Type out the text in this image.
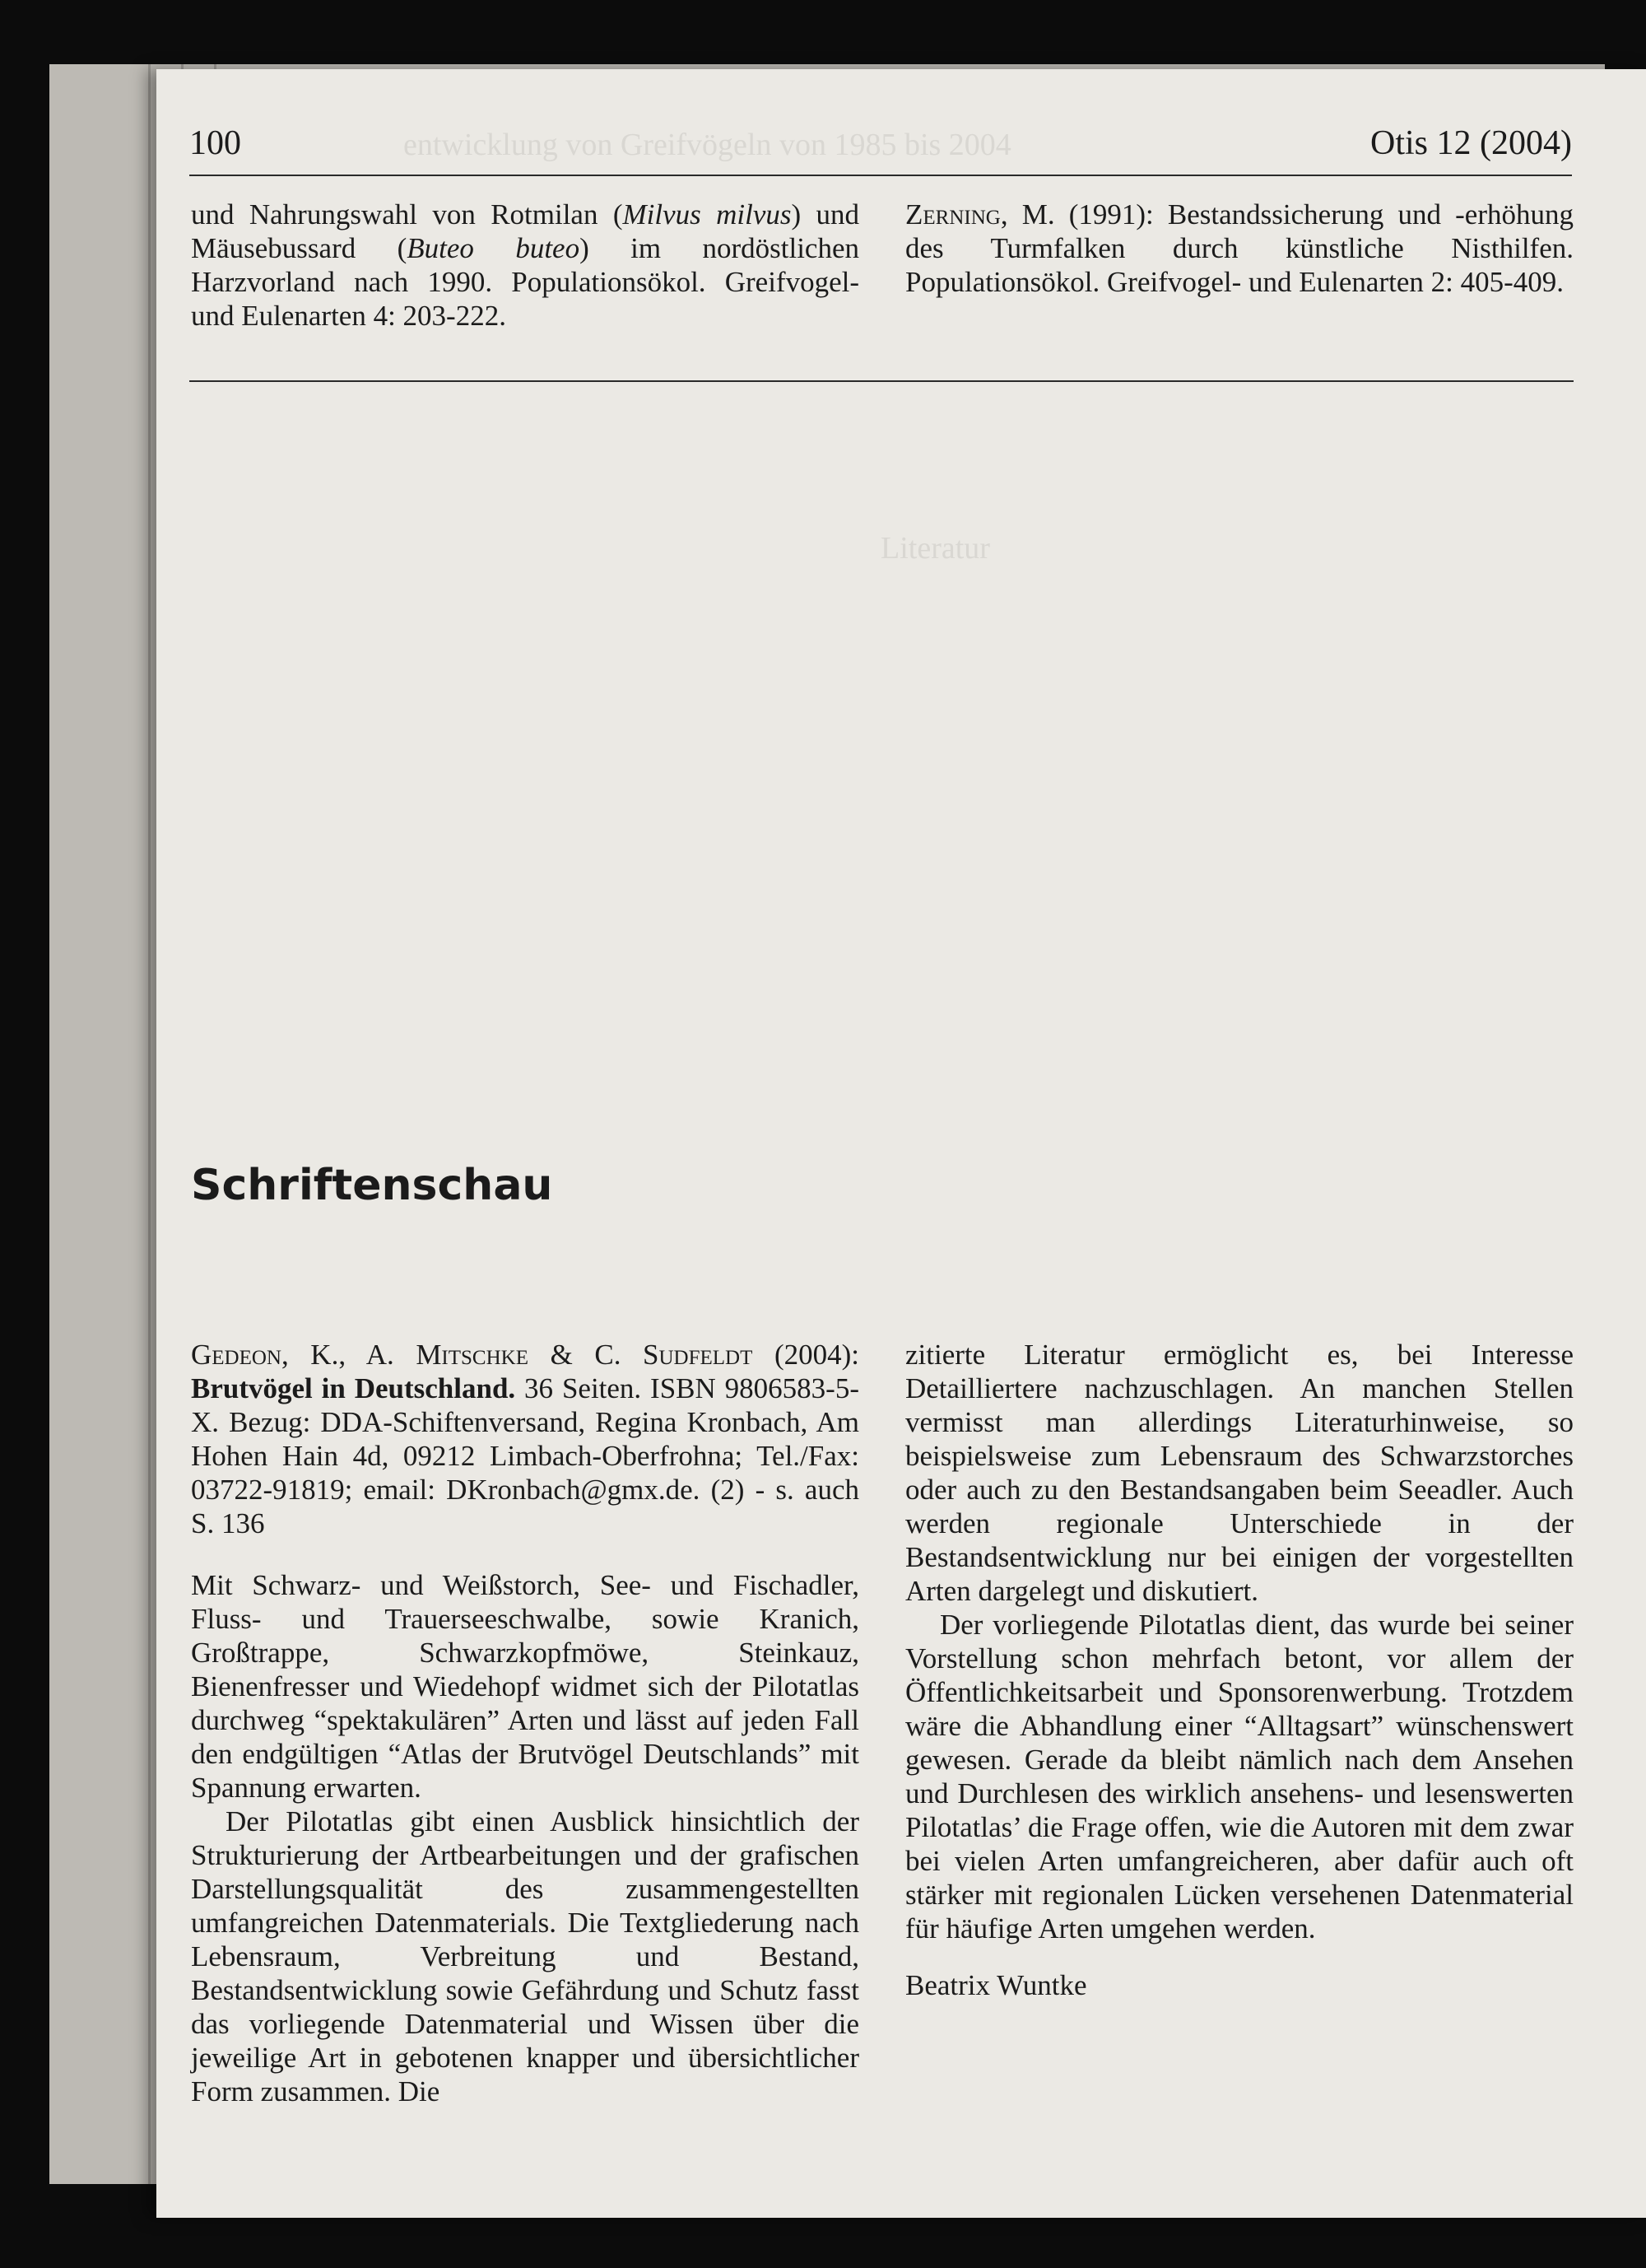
entwicklung von Greifvögeln von 1985 bis 2004
Literatur
100	Otis 12 (2004)

und Nahrungswahl von Rotmilan (Milvus milvus) und Mäusebussard (Buteo buteo) im nordöstlichen Harzvorland nach 1990. Populationsökol. Greifvogel- und Eulenarten 4: 203-222.

Zerning, M. (1991): Bestandssicherung und -erhöhung des Turmfalken durch künstliche Nisthilfen. Populationsökol. Greifvogel- und Eulenarten 2: 405-409.

Schriftenschau

Gedeon, K., A. Mitschke & C. Sudfeldt (2004): Brutvögel in Deutschland. 36 Seiten. ISBN 9806583-5-X. Bezug: DDA-Schiftenversand, Regina Kronbach, Am Hohen Hain 4d, 09212 Limbach-Oberfrohna; Tel./Fax: 03722-91819; email: DKronbach@gmx.de. (2) - s. auch S. 136

Mit Schwarz- und Weißstorch, See- und Fischadler, Fluss- und Trauerseeschwalbe, sowie Kranich, Großtrappe, Schwarzkopfmöwe, Steinkauz, Bienenfresser und Wiedehopf widmet sich der Pilotatlas durchweg “spektakulären” Arten und lässt auf jeden Fall den endgültigen “Atlas der Brutvögel Deutschlands” mit Spannung erwarten.

Der Pilotatlas gibt einen Ausblick hinsichtlich der Strukturierung der Artbearbeitungen und der grafischen Darstellungsqualität des zusammengestellten umfangreichen Datenmaterials. Die Textgliederung nach Lebensraum, Verbreitung und Bestand, Bestandsentwicklung sowie Gefährdung und Schutz fasst das vorliegende Datenmaterial und Wissen über die jeweilige Art in gebotenen knapper und übersichtlicher Form zusammen. Die

zitierte Literatur ermöglicht es, bei Interesse Detailliertere nachzuschlagen. An manchen Stellen vermisst man allerdings Literaturhinweise, so beispielsweise zum Lebensraum des Schwarzstorches oder auch zu den Bestandsangaben beim Seeadler. Auch werden regionale Unterschiede in der Bestandsentwicklung nur bei einigen der vorgestellten Arten dargelegt und diskutiert.

Der vorliegende Pilotatlas dient, das wurde bei seiner Vorstellung schon mehrfach betont, vor allem der Öffentlichkeitsarbeit und Sponsorenwerbung. Trotzdem wäre die Abhandlung einer “Alltagsart” wünschenswert gewesen. Gerade da bleibt nämlich nach dem Ansehen und Durchlesen des wirklich ansehens- und lesenswerten Pilotatlas’ die Frage offen, wie die Autoren mit dem zwar bei vielen Arten umfangreicheren, aber dafür auch oft stärker mit regionalen Lücken versehenen Datenmaterial für häufige Arten umgehen werden.

Beatrix Wuntke
